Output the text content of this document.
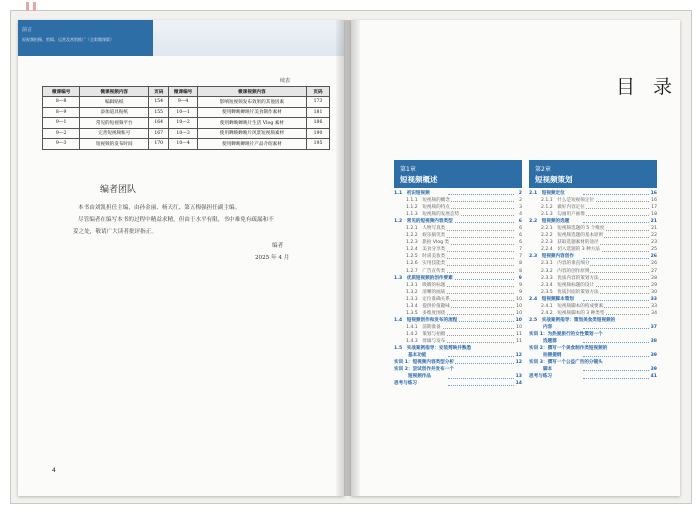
前言
短视频拍摄、剪辑、运营及营销推广（全彩微课版）
续表
微课编号	微课视频内容	页码	微课编号	微课视频内容	页码
8—8	编辑贴纸	154	9—4	影响短视频发布效果的其他因素	173
8—9	添加道具贴纸	155	10—1	使用蝉映蝉映片美食制作素材	181
9—1	常见的短视频平台	164	10—2	使用蝉映蝉映片生活 Vlog 素材	186
9—2	完善短视频账号	167	10—3	使用蝉映蝉映片风景短视频素材	190
9—3	短视频的发布时间	170	10—4	使用蝉映蝉映片产品介绍素材	195
编者团队
本书由刘凯担任主编，由孙金丽、杨天红、第五梅强担任副主编。
尽管编者在编写本书的过程中精益求精，但由于水平有限，书中难免有疏漏和不
妥之处，敬请广大读者批评指正。
编者
2025 年 4 月
4
目 录
第1章
短视频概述
第2章
短视频策划
1.1　初识短视频	2
1.1.1　短视频的概念	2
1.1.2　短视频的特点	3
1.1.3　短视频的发展态势	4
1.2　常见的短视频内容类型	6
1.2.1　人物写真类	6
1.2.2　娱乐搞笑类	6
1.2.3　旅拍 Vlog 类	6
1.2.4　美食分享类	7
1.2.5　时尚美妆类	7
1.2.6　实用技能类	8
1.2.7　广告宣传类	8
1.3　优质短视频的创作要素	9
1.3.1　吸睛的标题	9
1.3.2　清晰的画质	9
1.3.3　定位准确关系	10
1.3.4　提供价值趣味	10
1.3.5　多维度围绕	10
1.4　短视频创作和发布的流程	10
1.4.1　前期准备	10
1.4.2　策划与拍摄	11
1.4.3　剪辑与发布	11
1.5　实战案例指导：安装剪映并熟悉
基本功能	12
实训 1：短视频内容类型分析	12
实训 2：尝试创作并发布一个
短视频作品	13
思考与练习	14
2.1　短视频定位	16
2.1.1　什么是短视频定位	16
2.1.2　做好内容定位	17
2.1.3　勾画用户画像	18
2.2　短视频的选题	21
2.2.1　短视频选题的 5 个维度	21
2.2.2　短视频选题的基本原则	22
2.2.3　获取选题素材的途径	23
2.2.4　切入选题的 3 种方法	25
2.3　短视频内容创作	26
2.3.1　内容的垂直细分	26
2.3.2　内容的创作原则	27
2.3.3　优质内容的策划方法	28
2.3.4　短视频标题的设计	29
2.3.5　优质封面的策划方法	30
2.4　短视频脚本策划	33
2.4.1　短视频脚本的构成要素	33
2.4.2　短视频脚本的 3 种类型	34
2.5　实战案例指导：策划美食类短视频的
内容	37
实训 1：为热爱旅行的女性策划一个
选题群	38
实训 2：撰写一个美食制作类短视频的
拍摄提纲	39
实训 3：撰写一个公益广告的分镜头
脚本	39
思考与练习	41
